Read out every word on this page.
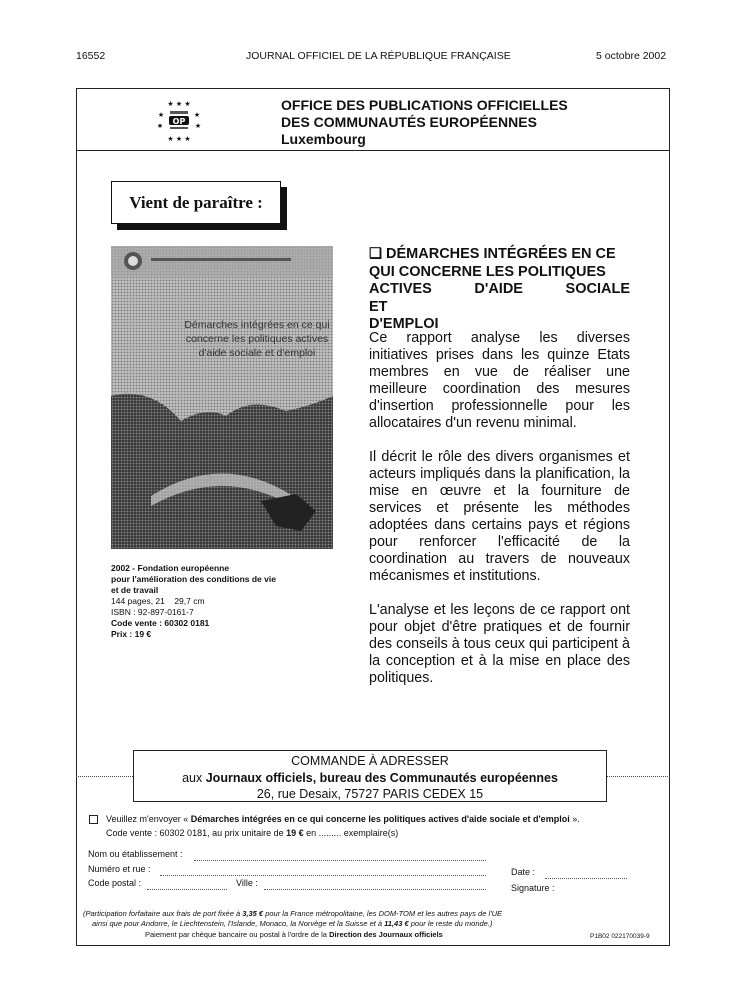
16552	JOURNAL OFFICIEL DE LA RÉPUBLIQUE FRANÇAISE	5 octobre 2002
★ ★ ★
★	★
★	★
★ ★ ★
OP
OFFICE DES PUBLICATIONS OFFICIELLES
DES COMMUNAUTÉS EUROPÉENNES
Luxembourg
Vient de paraître :
Démarches intégrées en ce qui
concerne les politiques actives
d'aide sociale et d'emploi
2002 - Fondation européenne
pour l'amélioration des conditions de vie
et de travail
144 pages, 21    29,7 cm
ISBN : 92-897-0161-7
Code vente : 60302 0181
Prix : 19 €
❑ DÉMARCHES INTÉGRÉES EN CE
QUI CONCERNE LES POLITIQUES
ACTIVES D'AIDE SOCIALE ET
D'EMPLOI
Ce rapport analyse les diverses initiatives prises dans les quinze Etats membres en vue de réaliser une meilleure coordination des mesures d'insertion professionnelle pour les allocataires d'un revenu minimal.
Il décrit le rôle des divers organismes et acteurs impliqués dans la planification, la mise en œuvre et la fourniture de services et présente les méthodes adoptées dans certains pays et régions pour renforcer l'efficacité de la coordination au travers de nouveaux mécanismes et institutions.
L'analyse et les leçons de ce rapport ont pour objet d'être pratiques et de fournir des conseils à tous ceux qui participent à la conception et à la mise en place des politiques.
COMMANDE À ADRESSER
aux Journaux officiels, bureau des Communautés européennes
26, rue Desaix, 75727 PARIS CEDEX 15
Veuillez m'envoyer « Démarches intégrées en ce qui concerne les politiques actives d'aide sociale et d'emploi ». Code vente : 60302 0181, au prix unitaire de 19 € en ......... exemplaire(s)
Nom ou établissement :
Numéro et rue :
Code postal :	Ville :
Date :
Signature :
(Participation forfaitaire aux frais de port fixée à 3,35 € pour la France métropolitaine, les DOM-TOM et les autres pays de l'UE
ainsi que pour Andorre, le Liechtenstein, l'Islande, Monaco, la Norvège et la Suisse et à 11,43 € pour le reste du monde.)
Paiement par chèque bancaire ou postal à l'ordre de la Direction des Journaux officiels	P1B02 022170039-9
